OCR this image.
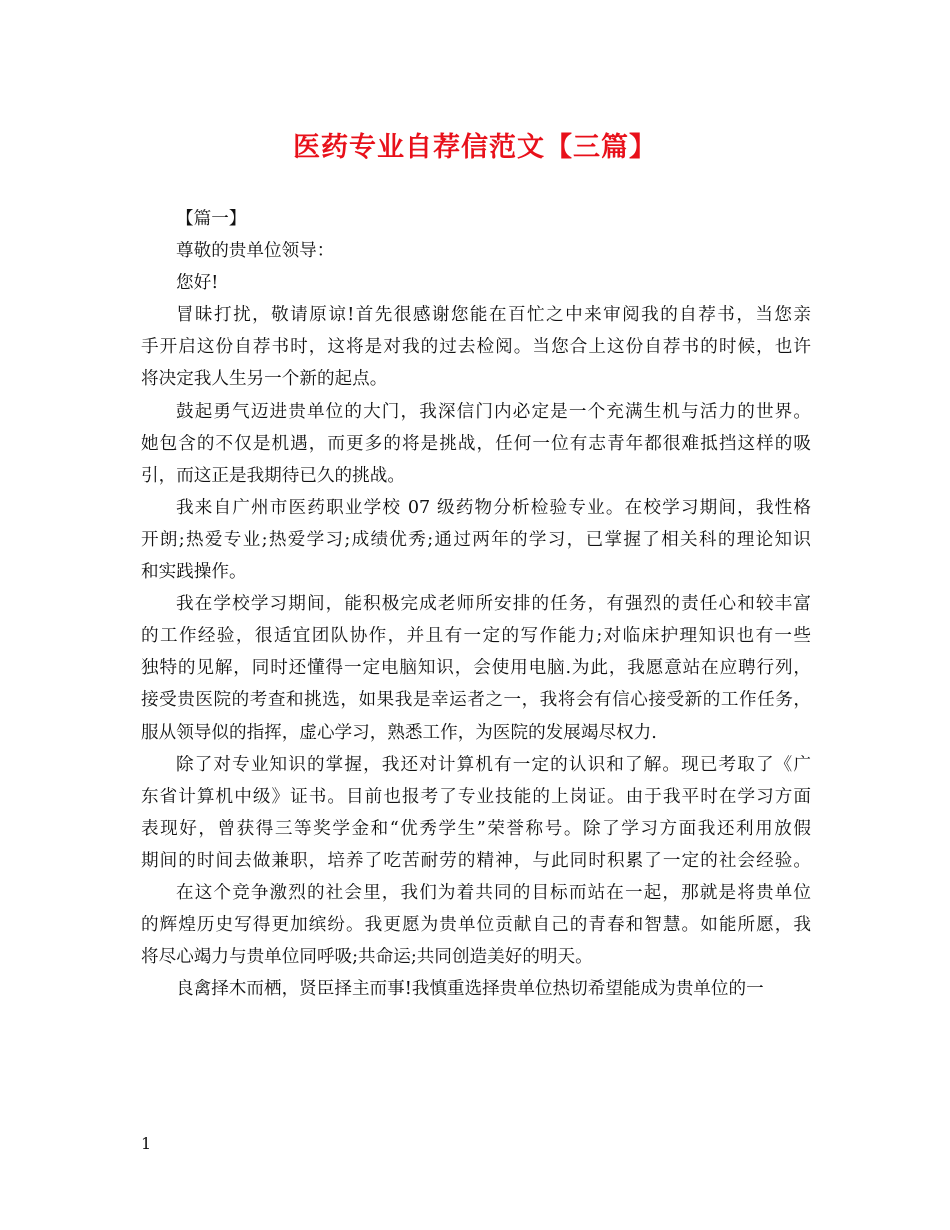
医药专业自荐信范文【三篇】
【篇一】
尊敬的贵单位领导：
您好!
冒昧打扰，敬请原谅!首先很感谢您能在百忙之中来审阅我的自荐书，当您亲
手开启这份自荐书时，这将是对我的过去检阅。当您合上这份自荐书的时候，也许
将决定我人生另一个新的起点。
鼓起勇气迈进贵单位的大门，我深信门内必定是一个充满生机与活力的世界。
她包含的不仅是机遇，而更多的将是挑战，任何一位有志青年都很难抵挡这样的吸
引，而这正是我期待已久的挑战。
我来自广州市医药职业学校 07 级药物分析检验专业。在校学习期间，我性格
开朗;热爱专业;热爱学习;成绩优秀;通过两年的学习，已掌握了相关科的理论知识
和实践操作。
我在学校学习期间，能积极完成老师所安排的任务，有强烈的责任心和较丰富
的工作经验，很适宜团队协作，并且有一定的写作能力;对临床护理知识也有一些
独特的见解，同时还懂得一定电脑知识，会使用电脑.为此，我愿意站在应聘行列，
接受贵医院的考查和挑选，如果我是幸运者之一，我将会有信心接受新的工作任务，
服从领导似的指挥，虚心学习，熟悉工作，为医院的发展竭尽权力.
除了对专业知识的掌握，我还对计算机有一定的认识和了解。现已考取了《广
东省计算机中级》证书。目前也报考了专业技能的上岗证。由于我平时在学习方面
表现好，曾获得三等奖学金和“优秀学生”荣誉称号。除了学习方面我还利用放假
期间的时间去做兼职，培养了吃苦耐劳的精神，与此同时积累了一定的社会经验。
在这个竞争激烈的社会里，我们为着共同的目标而站在一起，那就是将贵单位
的辉煌历史写得更加缤纷。我更愿为贵单位贡献自己的青春和智慧。如能所愿，我
将尽心竭力与贵单位同呼吸;共命运;共同创造美好的明天。
良禽择木而栖，贤臣择主而事!我慎重选择贵单位热切希望能成为贵单位的一
1
